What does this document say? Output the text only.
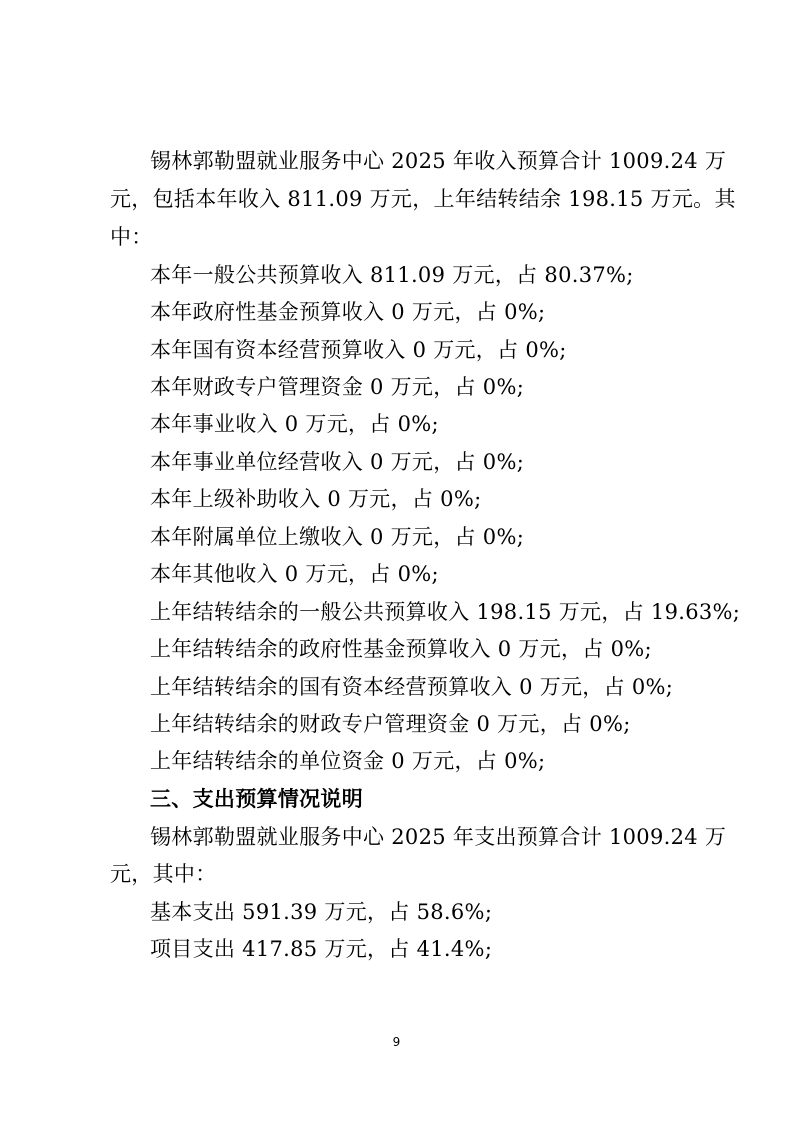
锡林郭勒盟就业服务中心 2025 年收入预算合计 1009.24 万
元，包括本年收入 811.09 万元，上年结转结余 198.15 万元。其
中：
本年一般公共预算收入 811.09 万元，占 80.37%;
本年政府性基金预算收入 0 万元，占 0%;
本年国有资本经营预算收入 0 万元，占 0%;
本年财政专户管理资金 0 万元，占 0%;
本年事业收入 0 万元，占 0%;
本年事业单位经营收入 0 万元，占 0%;
本年上级补助收入 0 万元，占 0%;
本年附属单位上缴收入 0 万元，占 0%;
本年其他收入 0 万元，占 0%;
上年结转结余的一般公共预算收入 198.15 万元，占 19.63%;
上年结转结余的政府性基金预算收入 0 万元，占 0%;
上年结转结余的国有资本经营预算收入 0 万元，占 0%;
上年结转结余的财政专户管理资金 0 万元，占 0%;
上年结转结余的单位资金 0 万元，占 0%;
三、支出预算情况说明
锡林郭勒盟就业服务中心 2025 年支出预算合计 1009.24 万
元，其中：
基本支出 591.39 万元，占 58.6%;
项目支出 417.85 万元，占 41.4%;
9
